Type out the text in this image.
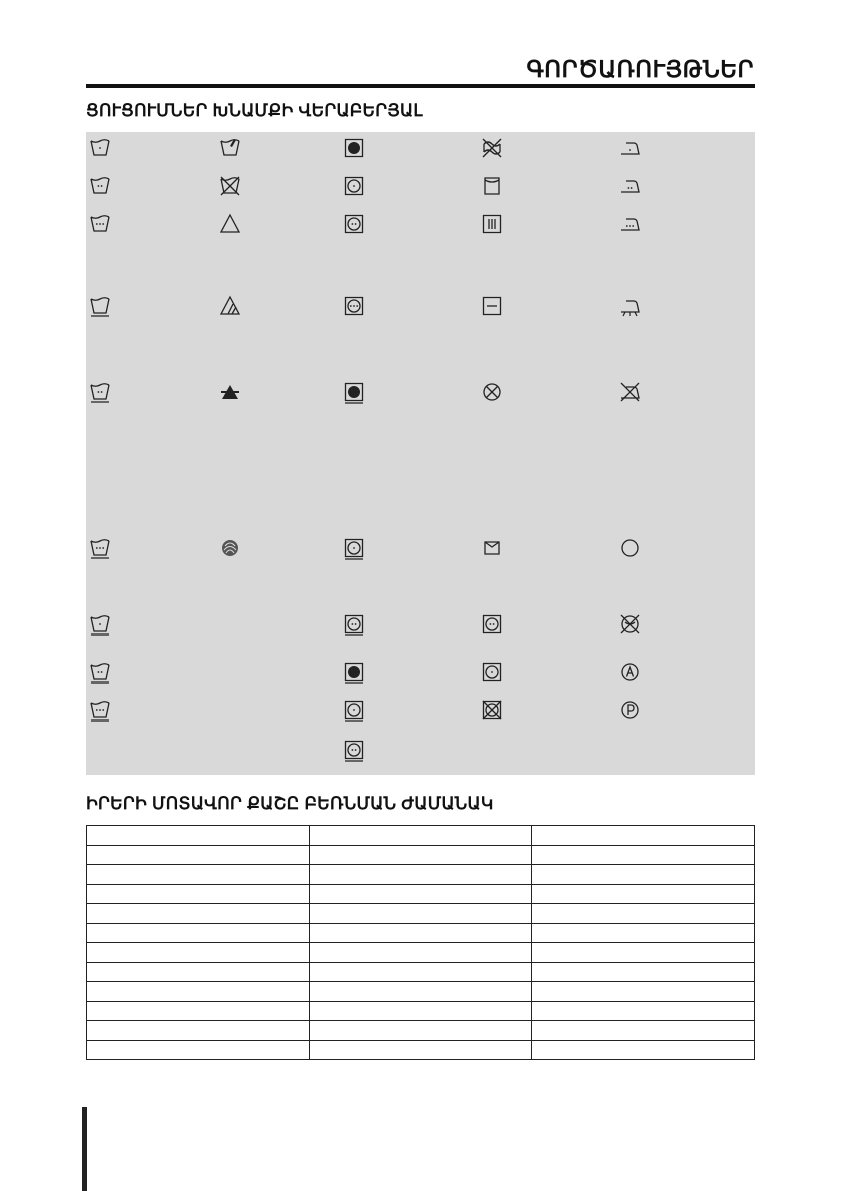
ԳՈՐԾԱՌՈՒՅԹՆԵՐ
ՑՈՒՑՈՒՄՆԵՐ ԽՆԱՄՔԻ ՎԵՐԱԲԵՐՅԱԼ
ԻՐԵՐԻ ՄՈՏԱՎՈՐ ՔԱՇԸ ԲԵՌՆՄԱՆ ԺԱՄԱՆԱԿ
